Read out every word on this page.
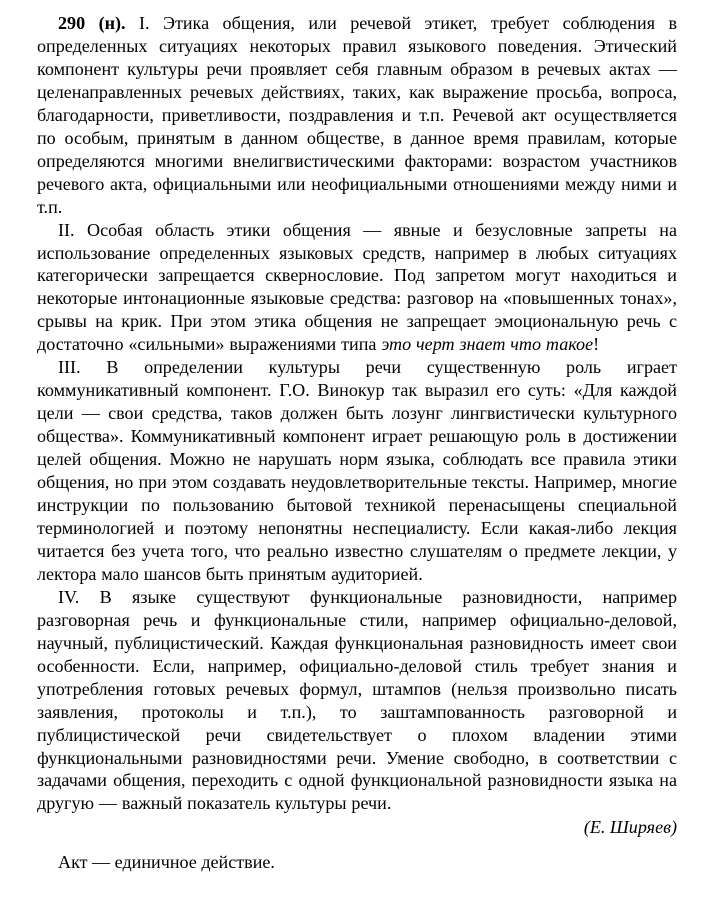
290 (н). I. Этика общения, или речевой этикет, требует соблюдения в определенных ситуациях некоторых правил языкового поведения. Этический компонент культуры речи проявляет себя главным образом в речевых актах — целенаправленных речевых действиях, таких, как выражение просьба, вопроса, благодарности, приветливости, поздравления и т.п. Речевой акт осуществляется по особым, принятым в данном обществе, в данное время правилам, которые определяются многими внелигвистическими факторами: возрастом участников речевого акта, официальными или неофициальными отношениями между ними и т.п.

II. Особая область этики общения — явные и безусловные запреты на использование определенных языковых средств, например в любых ситуациях категорически запрещается сквернословие. Под запретом могут находиться и некоторые интонационные языковые средства: разговор на «повышенных тонах», срывы на крик. При этом этика общения не запрещает эмоциональную речь с достаточно «сильными» выражениями типа это черт знает что такое!

III. В определении культуры речи существенную роль играет коммуникативный компонент. Г.О. Винокур так выразил его суть: «Для каждой цели — свои средства, таков должен быть лозунг лингвистически культурного общества». Коммуникативный компонент играет решающую роль в достижении целей общения. Можно не нарушать норм языка, соблюдать все правила этики общения, но при этом создавать неудовлетворительные тексты. Например, многие инструкции по пользованию бытовой техникой перенасыщены специальной терминологией и поэтому непонятны неспециалисту. Если какая-либо лекция читается без учета того, что реально известно слушателям о предмете лекции, у лектора мало шансов быть принятым аудиторией.

IV. В языке существуют функциональные разновидности, например разговорная речь и функциональные стили, например официально-деловой, научный, публицистический. Каждая функциональная разновидность имеет свои особенности. Если, например, официально-деловой стиль требует знания и употребления готовых речевых формул, штампов (нельзя произвольно писать заявления, протоколы и т.п.), то заштампованность разговорной и публицистической речи свидетельствует о плохом владении этими функциональными разновидностями речи. Умение свободно, в соответствии с задачами общения, переходить с одной функциональной разновидности языка на другую — важный показатель культуры речи.

(Е. Ширяев)

Акт — единичное действие.
